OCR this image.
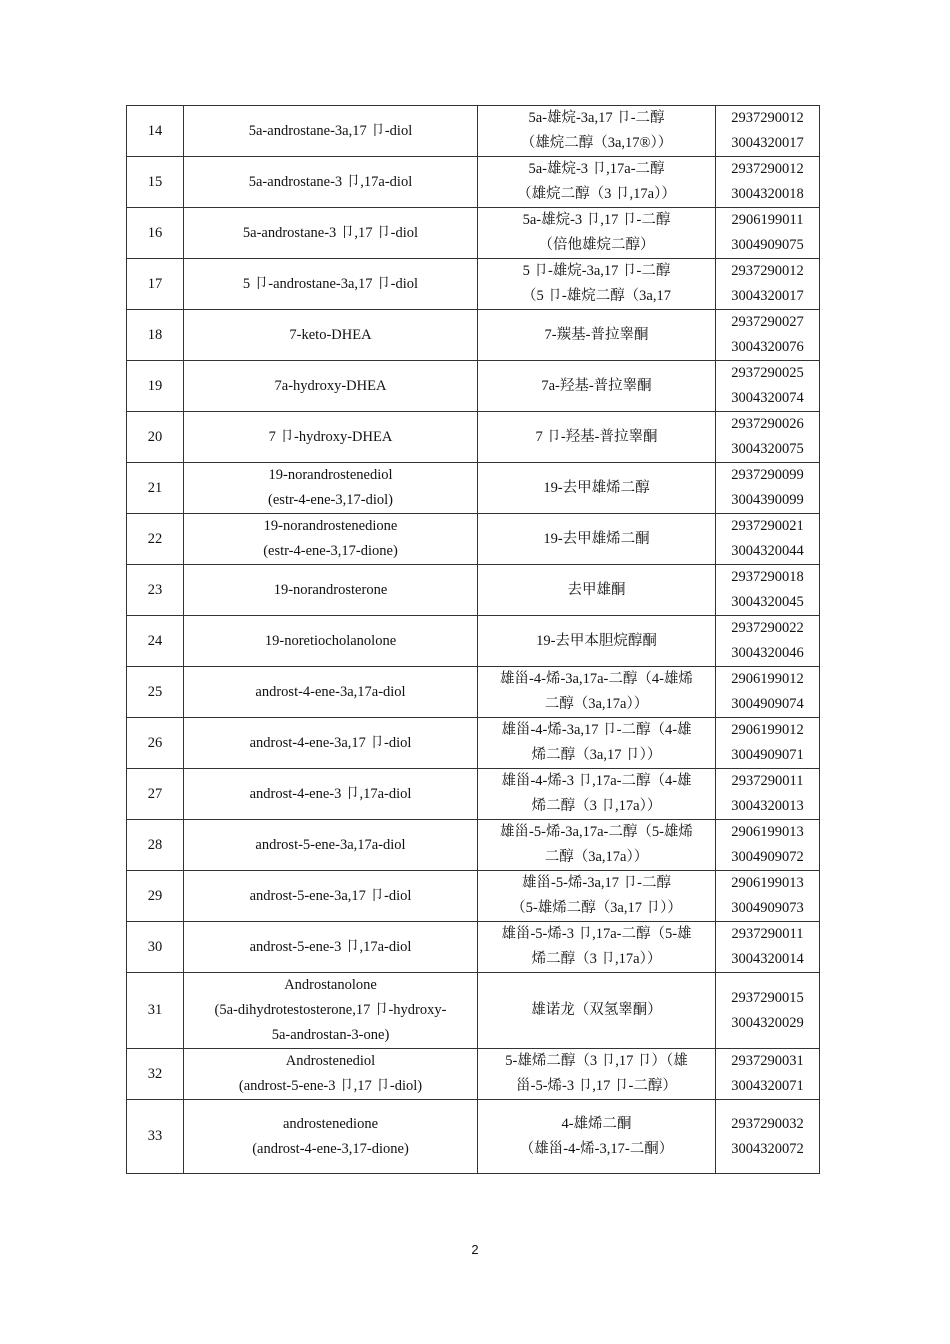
14	5a-androstane-3a,17 卩-diol	5a-雄烷-3a,17 卩-二醇
（雄烷二醇（3a,17®））	2937290012
3004320017

15	5a-androstane-3 卩,17a-diol	5a-雄烷-3 卩,17a-二醇
（雄烷二醇（3 卩,17a））	2937290012
3004320018

16	5a-androstane-3 卩,17 卩-diol	5a-雄烷-3 卩,17 卩-二醇
（倍他雄烷二醇）	2906199011
3004909075

17	5 卩-androstane-3a,17 卩-diol	5 卩-雄烷-3a,17 卩-二醇
（5 卩-雄烷二醇（3a,17	2937290012
3004320017

18	7-keto-DHEA	7-羰基-普拉睾酮	2937290027
3004320076

19	7a-hydroxy-DHEA	7a-羟基-普拉睾酮	2937290025
3004320074

20	7 卩-hydroxy-DHEA	7 卩-羟基-普拉睾酮	2937290026
3004320075

21	19-norandrostenediol
(estr-4-ene-3,17-diol)	19-去甲雄烯二醇	2937290099
3004390099

22	19-norandrostenedione
(estr-4-ene-3,17-dione)	19-去甲雄烯二酮	2937290021
3004320044

23	19-norandrosterone	去甲雄酮	2937290018
3004320045

24	19-noretiocholanolone	19-去甲本胆烷醇酮	2937290022
3004320046

25	androst-4-ene-3a,17a-diol	雄甾-4-烯-3a,17a-二醇（4-雄烯
二醇（3a,17a））	2906199012
3004909074

26	androst-4-ene-3a,17 卩-diol	雄甾-4-烯-3a,17 卩-二醇（4-雄
烯二醇（3a,17 卩））	2906199012
3004909071

27	androst-4-ene-3 卩,17a-diol	雄甾-4-烯-3 卩,17a-二醇（4-雄
烯二醇（3 卩,17a））	2937290011
3004320013

28	androst-5-ene-3a,17a-diol	雄甾-5-烯-3a,17a-二醇（5-雄烯
二醇（3a,17a））	2906199013
3004909072

29	androst-5-ene-3a,17 卩-diol	雄甾-5-烯-3a,17 卩-二醇
（5-雄烯二醇（3a,17 卩））	2906199013
3004909073

30	androst-5-ene-3 卩,17a-diol	雄甾-5-烯-3 卩,17a-二醇（5-雄
烯二醇（3 卩,17a））	2937290011
3004320014

31	Androstanolone
(5a-dihydrotestosterone,17 卩-hydroxy-
5a-androstan-3-one)	雄诺龙（双氢睾酮）	2937290015
3004320029

32	Androstenediol
(androst-5-ene-3 卩,17 卩-diol)	5-雄烯二醇（3 卩,17 卩）（雄
甾-5-烯-3 卩,17 卩-二醇）	2937290031
3004320071

33	androstenedione
(androst-4-ene-3,17-dione)	4-雄烯二酮
（雄甾-4-烯-3,17-二酮）	2937290032
3004320072
2
